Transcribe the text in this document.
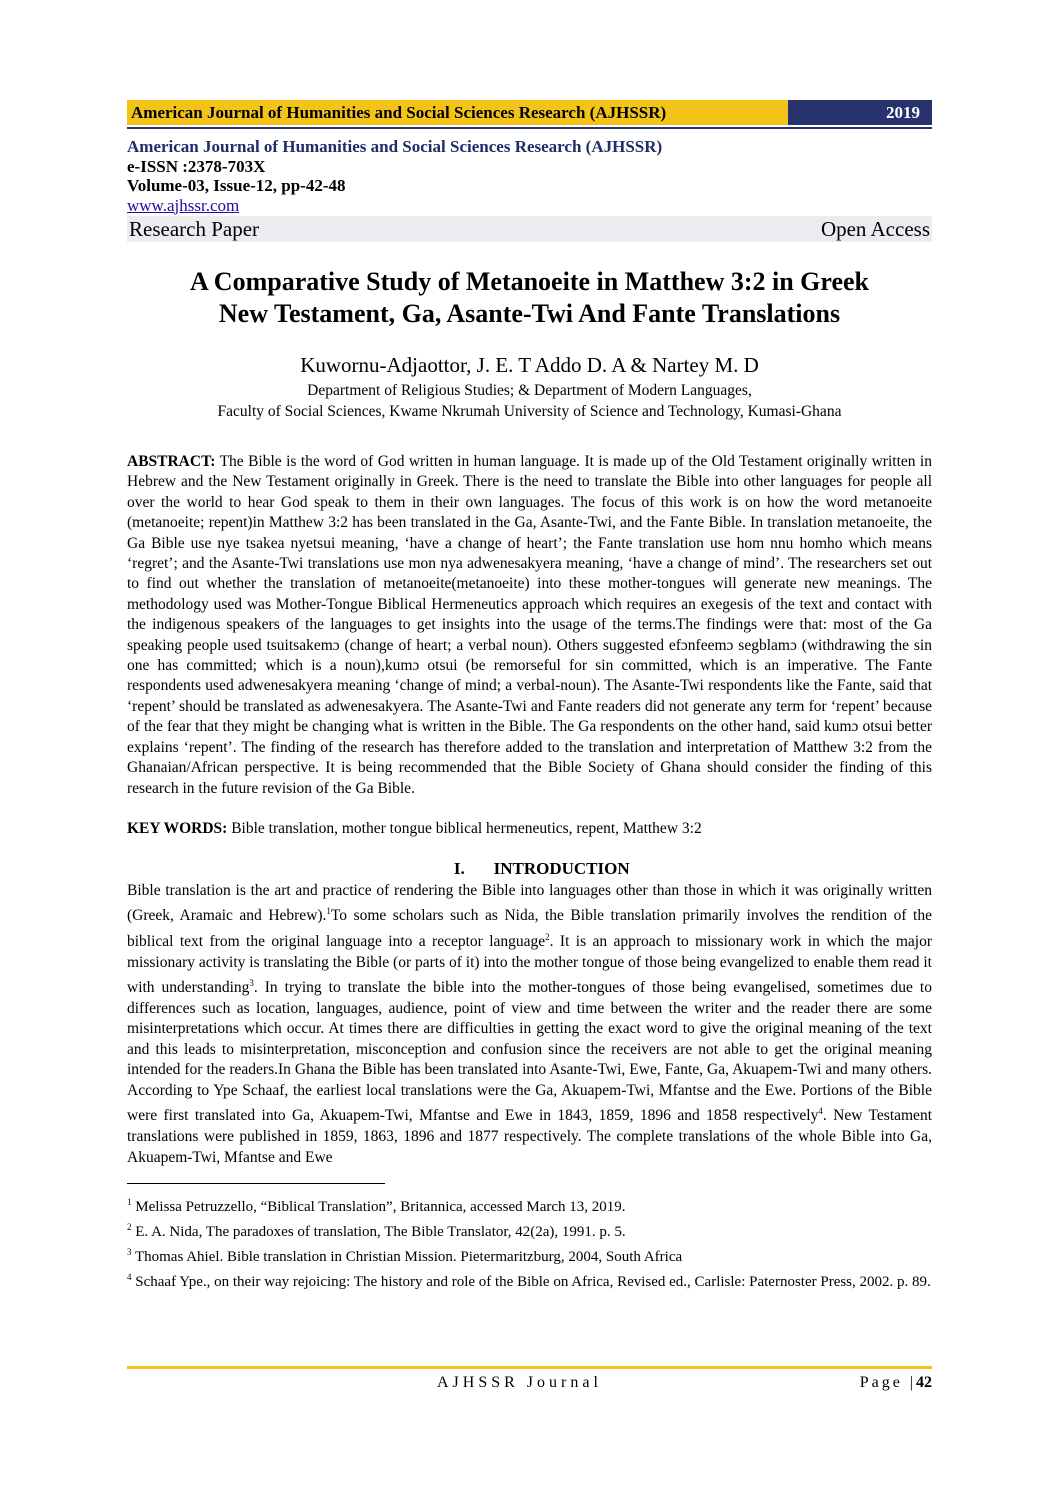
American Journal of Humanities and Social Sciences Research (AJHSSR)	2019
American Journal of Humanities and Social Sciences Research (AJHSSR)
e-ISSN :2378-703X
Volume-03, Issue-12, pp-42-48
www.ajhssr.com
Research Paper	Open Access
A Comparative Study of Metanoeite in Matthew 3:2 in Greek
New Testament, Ga, Asante-Twi And Fante Translations
Kuwornu-Adjaottor, J. E. T Addo D. A & Nartey M. D
Department of Religious Studies; & Department of Modern Languages,
Faculty of Social Sciences, Kwame Nkrumah University of Science and Technology, Kumasi-Ghana
ABSTRACT: The Bible is the word of God written in human language. It is made up of the Old Testament originally written in Hebrew and the New Testament originally in Greek. There is the need to translate the Bible into other languages for people all over the world to hear God speak to them in their own languages. The focus of this work is on how the word metanoeite (metanoeite; repent)in Matthew 3:2 has been translated in the Ga, Asante-Twi, and the Fante Bible. In translation metanoeite, the Ga Bible use nye tsakea nyetsui meaning, ‘have a change of heart’; the Fante translation use hom nnu homho which means ‘regret’; and the Asante-Twi translations use mon nya adwenesakyera meaning, ‘have a change of mind’. The researchers set out to find out whether the translation of metanoeite(metanoeite) into these mother-tongues will generate new meanings. The methodology used was Mother-Tongue Biblical Hermeneutics approach which requires an exegesis of the text and contact with the indigenous speakers of the languages to get insights into the usage of the terms.The findings were that: most of the Ga speaking people used tsuitsakemɔ (change of heart; a verbal noun). Others suggested efɔnfeemɔ segblamɔ (withdrawing the sin one has committed; which is a noun),kumɔ otsui (be remorseful for sin committed, which is an imperative. The Fante respondents used adwenesakyera meaning ‘change of mind; a verbal-noun). The Asante-Twi respondents like the Fante, said that ‘repent’ should be translated as adwenesakyera. The Asante-Twi and Fante readers did not generate any term for ‘repent’ because of the fear that they might be changing what is written in the Bible. The Ga respondents on the other hand, said kumɔ otsui better explains ‘repent’. The finding of the research has therefore added to the translation and interpretation of Matthew 3:2 from the Ghanaian/African perspective. It is being recommended that the Bible Society of Ghana should consider the finding of this research in the future revision of the Ga Bible.
KEY WORDS: Bible translation, mother tongue biblical hermeneutics, repent, Matthew 3:2
I. INTRODUCTION
Bible translation is the art and practice of rendering the Bible into languages other than those in which it was originally written (Greek, Aramaic and Hebrew).$^1$To some scholars such as Nida, the Bible translation primarily involves the rendition of the biblical text from the original language into a receptor language$^2$. It is an approach to missionary work in which the major missionary activity is translating the Bible (or parts of it) into the mother tongue of those being evangelized to enable them read it with understanding$^3$. In trying to translate the bible into the mother-tongues of those being evangelised, sometimes due to differences such as location, languages, audience, point of view and time between the writer and the reader there are some misinterpretations which occur. At times there are difficulties in getting the exact word to give the original meaning of the text and this leads to misinterpretation, misconception and confusion since the receivers are not able to get the original meaning intended for the readers.In Ghana the Bible has been translated into Asante-Twi, Ewe, Fante, Ga, Akuapem-Twi and many others. According to Ype Schaaf, the earliest local translations were the Ga, Akuapem-Twi, Mfantse and the Ewe. Portions of the Bible were first translated into Ga, Akuapem-Twi, Mfantse and Ewe in 1843, 1859, 1896 and 1858 respectively$^4$. New Testament translations were published in 1859, 1863, 1896 and 1877 respectively. The complete translations of the whole Bible into Ga, Akuapem-Twi, Mfantse and Ewe
$^1$ Melissa Petruzzello, “Biblical Translation”, Britannica, accessed March 13, 2019.
$^2$ E. A. Nida, The paradoxes of translation, The Bible Translator, 42(2a), 1991. p. 5.
$^3$ Thomas Ahiel. Bible translation in Christian Mission. Pietermaritzburg, 2004, South Africa
$^4$ Schaaf Ype., on their way rejoicing: The history and role of the Bible on Africa, Revised ed., Carlisle: Paternoster Press, 2002. p. 89.
AJHSSR Journal	Page |42
